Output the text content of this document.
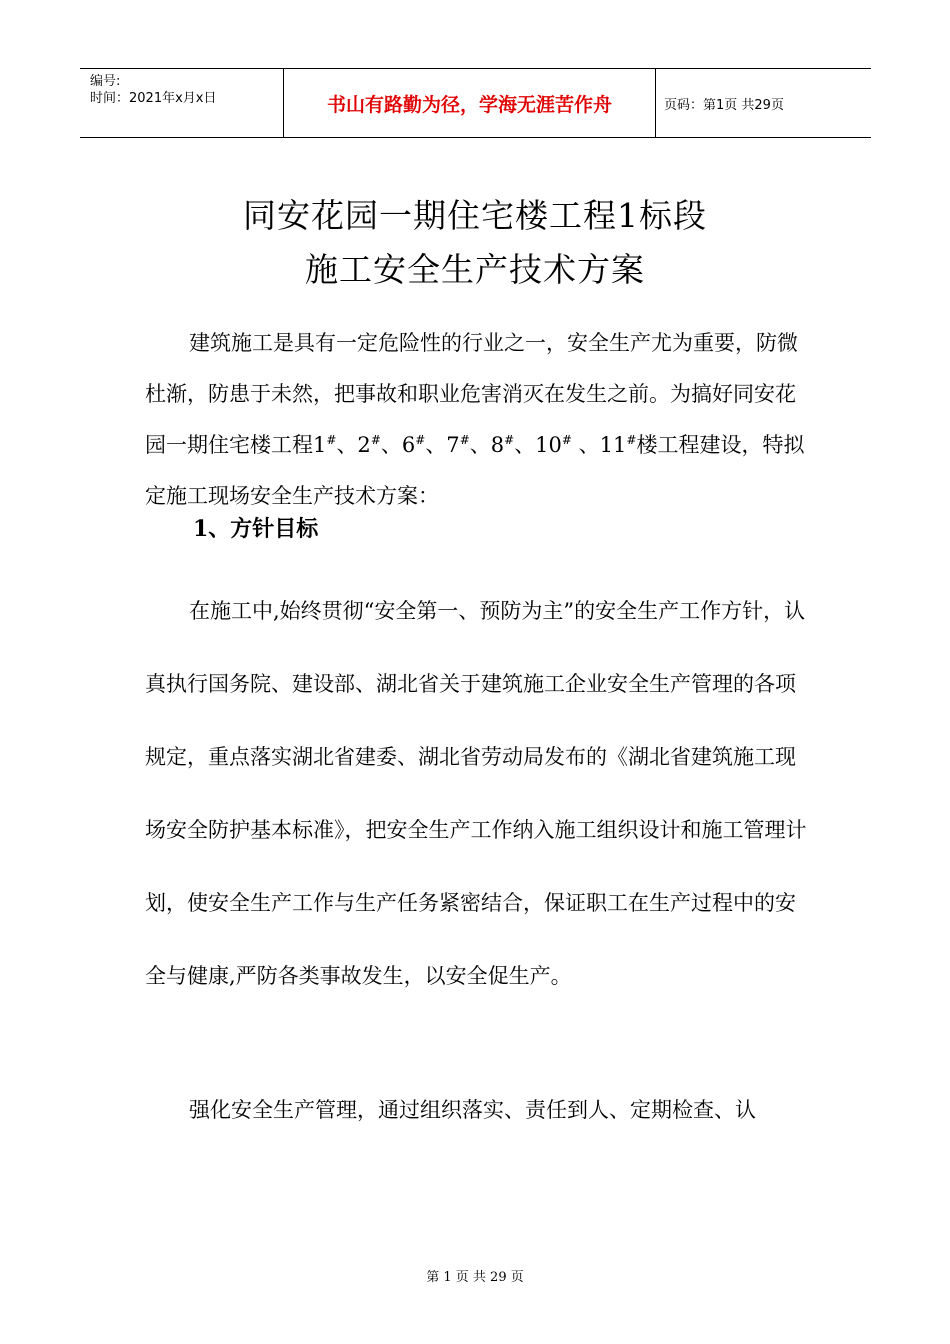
编号:
时间：2021年x月x日	书山有路勤为径，学海无涯苦作舟	页码：第1页 共29页
同安花园一期住宅楼工程1标段
施工安全生产技术方案
建筑施工是具有一定危险性的行业之一，安全生产尤为重要，防微杜渐，防患于未然，把事故和职业危害消灭在发生之前。为搞好同安花园一期住宅楼工程1#、2#、6#、7#、8#、10# 、11#楼工程建设，特拟定施工现场安全生产技术方案：
1、方针目标
在施工中,始终贯彻“安全第一、预防为主”的安全生产工作方针，认真执行国务院、建设部、湖北省关于建筑施工企业安全生产管理的各项规定，重点落实湖北省建委、湖北省劳动局发布的《湖北省建筑施工现场安全防护基本标准》，把安全生产工作纳入施工组织设计和施工管理计划，使安全生产工作与生产任务紧密结合，保证职工在生产过程中的安全与健康,严防各类事故发生，以安全促生产。
强化安全生产管理，通过组织落实、责任到人、定期检查、认
第 1 页 共 29 页
